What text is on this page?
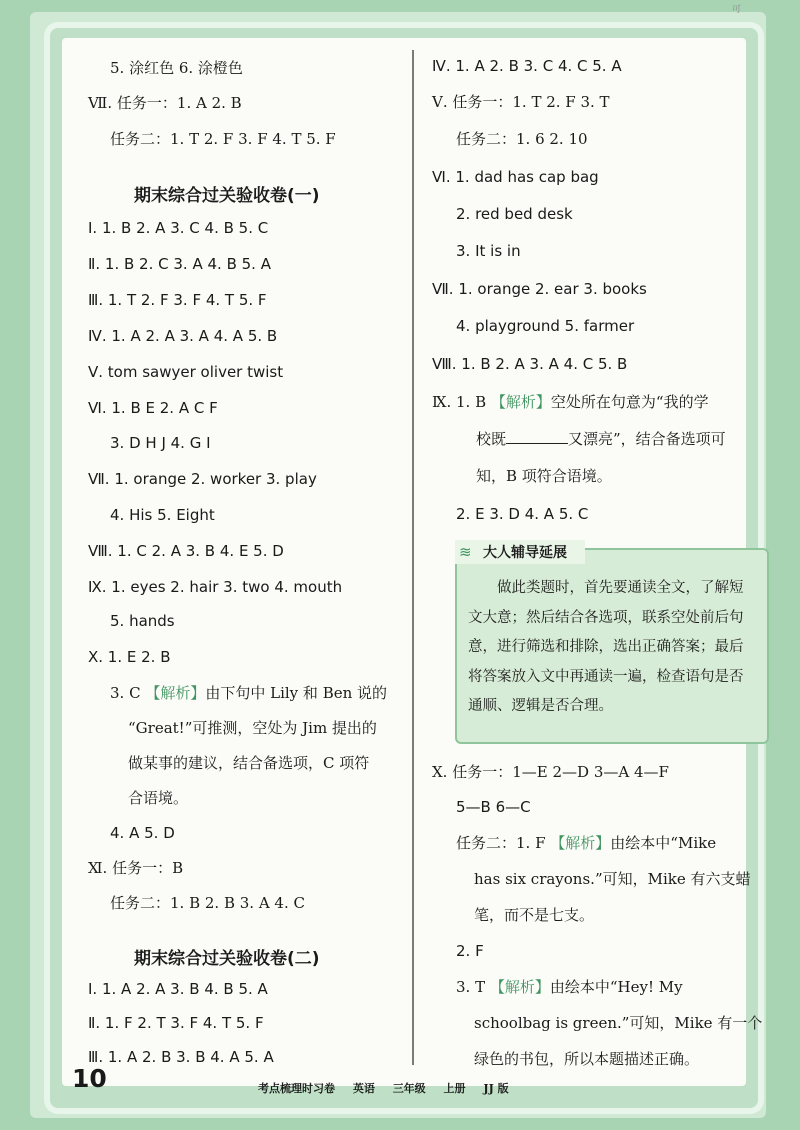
可
5. 涂红色 6. 涂橙色
Ⅶ. 任务一：1. A 2. B
任务二：1. T 2. F 3. F 4. T 5. F
期末综合过关验收卷(一)
Ⅰ. 1. B 2. A 3. C 4. B 5. C
Ⅱ. 1. B 2. C 3. A 4. B 5. A
Ⅲ. 1. T 2. F 3. F 4. T 5. F
Ⅳ. 1. A 2. A 3. A 4. A 5. B
Ⅴ. tom sawyer oliver twist
Ⅵ. 1. B E 2. A C F
3. D H J 4. G I
Ⅶ. 1. orange 2. worker 3. play
4. His 5. Eight
Ⅷ. 1. C 2. A 3. B 4. E 5. D
Ⅸ. 1. eyes 2. hair 3. two 4. mouth
5. hands
Ⅹ. 1. E 2. B
3. C 【解析】由下句中 Lily 和 Ben 说的
“Great!”可推测，空处为 Jim 提出的
做某事的建议，结合备选项，C 项符
合语境。
4. A 5. D
Ⅺ. 任务一：B
任务二：1. B 2. B 3. A 4. C
期末综合过关验收卷(二)
Ⅰ. 1. A 2. A 3. B 4. B 5. A
Ⅱ. 1. F 2. T 3. F 4. T 5. F
Ⅲ. 1. A 2. B 3. B 4. A 5. A
Ⅳ. 1. A 2. B 3. C 4. C 5. A
Ⅴ. 任务一：1. T 2. F 3. T
任务二：1. 6 2. 10
Ⅵ. 1. dad has cap bag
2. red bed desk
3. It is in
Ⅶ. 1. orange 2. ear 3. books
4. playground 5. farmer
Ⅷ. 1. B 2. A 3. A 4. C 5. B
Ⅸ. 1. B 【解析】空处所在句意为“我的学
校既	又漂亮”，结合备选项可
知，B 项符合语境。
2. E 3. D 4. A 5. C
≋ 大人辅导延展
做此类题时，首先要通读全文，了解短文大意；然后结合各选项，联系空处前后句意，进行筛选和排除，选出正确答案；最后将答案放入文中再通读一遍，检查语句是否通顺、逻辑是否合理。
Ⅹ. 任务一：1—E 2—D 3—A 4—F
5—B 6—C
任务二：1. F 【解析】由绘本中“Mike
has six crayons.”可知，Mike 有六支蜡
笔，而不是七支。
2. F
3. T 【解析】由绘本中“Hey! My
schoolbag is green.”可知，Mike 有一个
绿色的书包，所以本题描述正确。
10	考点梳理时习卷 英语 三年级 上册 JJ 版
